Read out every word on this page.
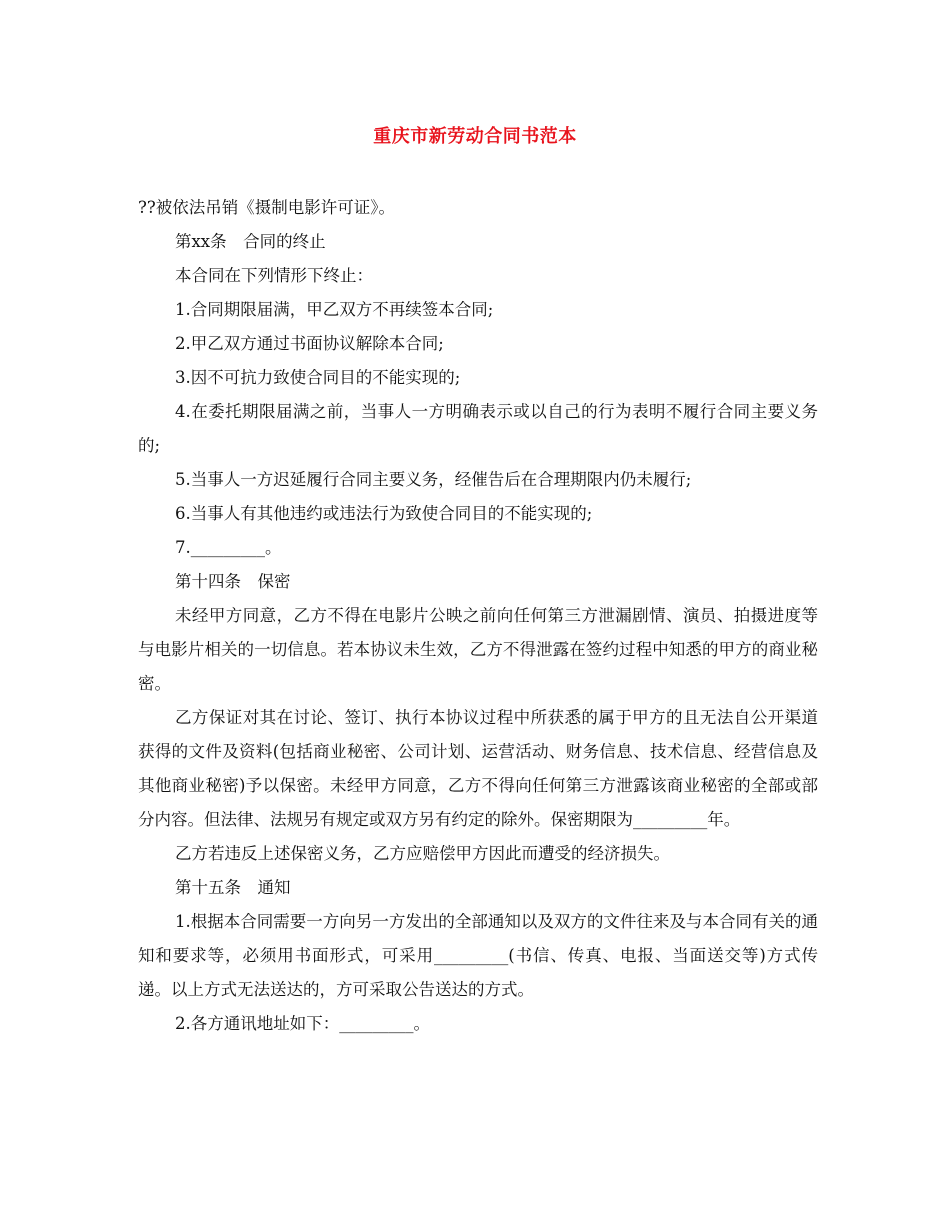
重庆市新劳动合同书范本

??被依法吊销《摄制电影许可证》。

第xx条　合同的终止

本合同在下列情形下终止：

1.合同期限届满，甲乙双方不再续签本合同;

2.甲乙双方通过书面协议解除本合同;

3.因不可抗力致使合同目的不能实现的;

4.在委托期限届满之前，当事人一方明确表示或以自己的行为表明不履行合同主要义务的;

5.当事人一方迟延履行合同主要义务，经催告后在合理期限内仍未履行;

6.当事人有其他违约或违法行为致使合同目的不能实现的;

7._________。

第十四条　保密

未经甲方同意，乙方不得在电影片公映之前向任何第三方泄漏剧情、演员、拍摄进度等与电影片相关的一切信息。若本协议未生效，乙方不得泄露在签约过程中知悉的甲方的商业秘密。

乙方保证对其在讨论、签订、执行本协议过程中所获悉的属于甲方的且无法自公开渠道获得的文件及资料(包括商业秘密、公司计划、运营活动、财务信息、技术信息、经营信息及其他商业秘密)予以保密。未经甲方同意，乙方不得向任何第三方泄露该商业秘密的全部或部分内容。但法律、法规另有规定或双方另有约定的除外。保密期限为_________年。

乙方若违反上述保密义务，乙方应赔偿甲方因此而遭受的经济损失。

第十五条　通知

1.根据本合同需要一方向另一方发出的全部通知以及双方的文件往来及与本合同有关的通知和要求等，必须用书面形式，可采用_________(书信、传真、电报、当面送交等)方式传递。以上方式无法送达的，方可采取公告送达的方式。

2.各方通讯地址如下：_________。
